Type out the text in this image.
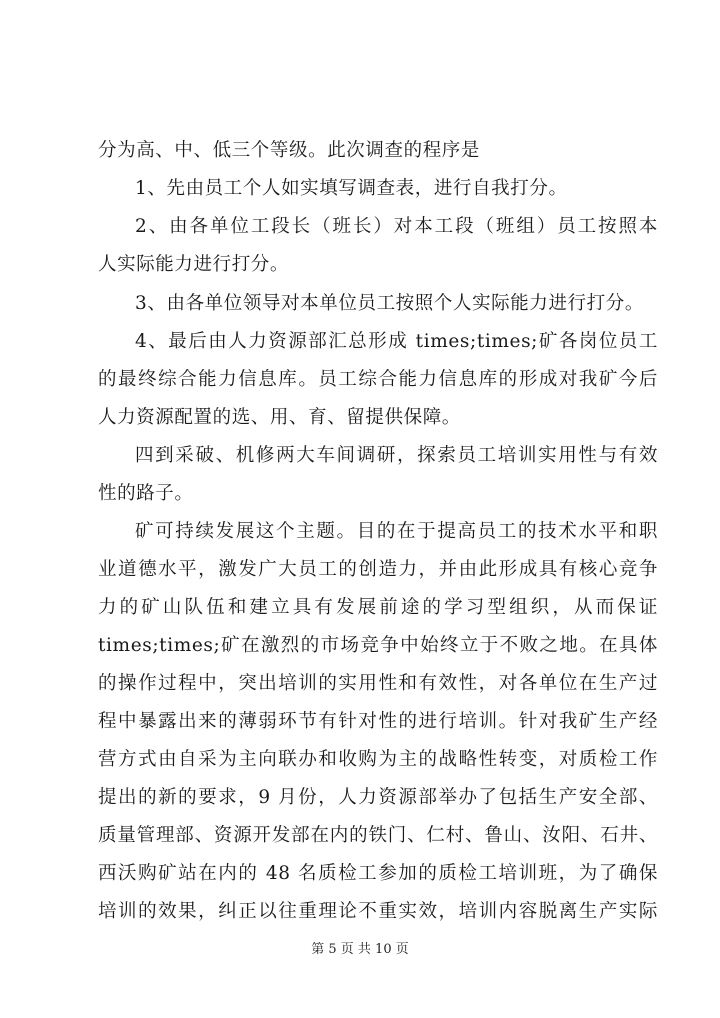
分为高、中、低三个等级。此次调查的程序是
1、先由员工个人如实填写调查表，进行自我打分。
2、由各单位工段长（班长）对本工段（班组）员工按照本
人实际能力进行打分。
3、由各单位领导对本单位员工按照个人实际能力进行打分。
4、最后由人力资源部汇总形成 times;times;矿各岗位员工
的最终综合能力信息库。员工综合能力信息库的形成对我矿今后
人力资源配置的选、用、育、留提供保障。
四到采破、机修两大车间调研，探索员工培训实用性与有效
性的路子。
矿可持续发展这个主题。目的在于提高员工的技术水平和职
业道德水平，激发广大员工的创造力，并由此形成具有核心竞争
力的矿山队伍和建立具有发展前途的学习型组织，从而保证
times;times;矿在激烈的市场竞争中始终立于不败之地。在具体
的操作过程中，突出培训的实用性和有效性，对各单位在生产过
程中暴露出来的薄弱环节有针对性的进行培训。针对我矿生产经
营方式由自采为主向联办和收购为主的战略性转变，对质检工作
提出的新的要求，9 月份，人力资源部举办了包括生产安全部、
质量管理部、资源开发部在内的铁门、仁村、鲁山、汝阳、石井、
西沃购矿站在内的 48 名质检工参加的质检工培训班，为了确保
培训的效果，纠正以往重理论不重实效，培训内容脱离生产实际
第 5 页 共 10 页
